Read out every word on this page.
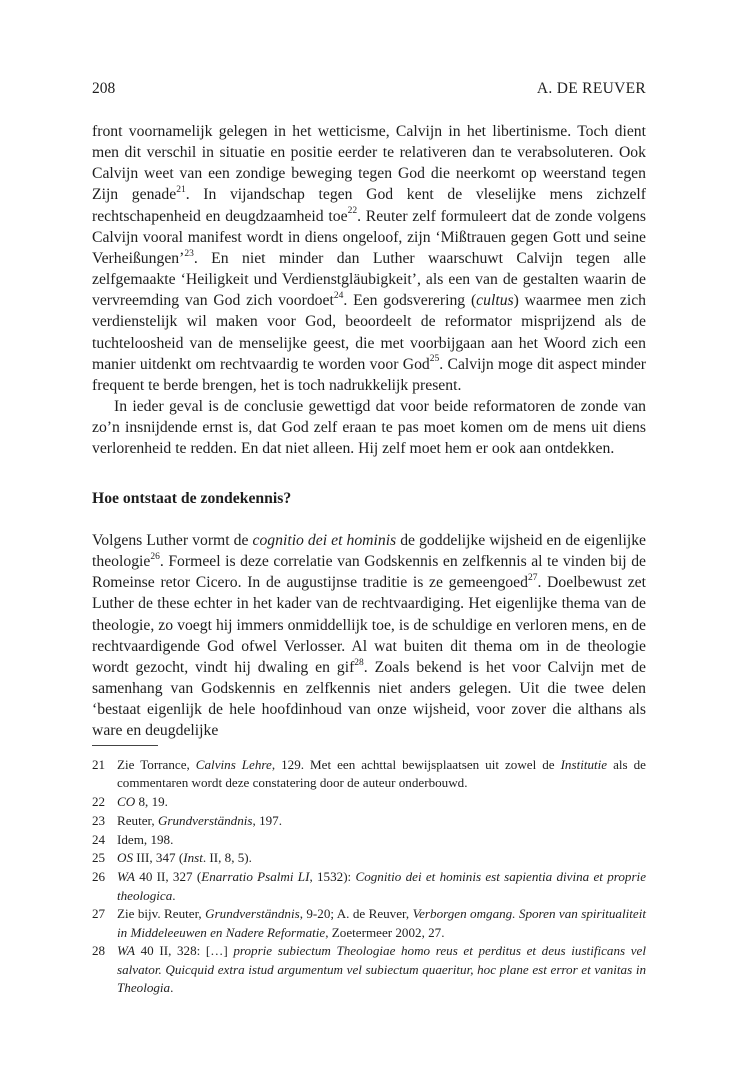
208	A. DE REUVER

front voornamelijk gelegen in het wetticisme, Calvijn in het libertinisme. Toch dient men dit verschil in situatie en positie eerder te relativeren dan te verabsoluteren. Ook Calvijn weet van een zondige beweging tegen God die neerkomt op weerstand tegen Zijn genade$^{21}$. In vijandschap tegen God kent de vleselijke mens zichzelf rechtschapenheid en deugdzaamheid toe$^{22}$. Reuter zelf formuleert dat de zonde volgens Calvijn vooral manifest wordt in diens ongeloof, zijn ‘Mißtrauen gegen Gott und seine Verheißungen’$^{23}$. En niet minder dan Luther waarschuwt Calvijn tegen alle zelfgemaakte ‘Heiligkeit und Verdienstgläubigkeit’, als een van de gestalten waarin de vervreemding van God zich voordoet$^{24}$. Een godsverering (cultus) waarmee men zich verdienstelijk wil maken voor God, beoordeelt de reformator misprijzend als de tuchteloosheid van de menselijke geest, die met voorbijgaan aan het Woord zich een manier uitdenkt om rechtvaardig te worden voor God$^{25}$. Calvijn moge dit aspect minder frequent te berde brengen, het is toch nadrukkelijk present.

In ieder geval is de conclusie gewettigd dat voor beide reformatoren de zonde van zo’n insnijdende ernst is, dat God zelf eraan te pas moet komen om de mens uit diens verlorenheid te redden. En dat niet alleen. Hij zelf moet hem er ook aan ontdekken.

Hoe ontstaat de zondekennis?

Volgens Luther vormt de cognitio dei et hominis de goddelijke wijsheid en de eigenlijke theologie$^{26}$. Formeel is deze correlatie van Godskennis en zelfkennis al te vinden bij de Romeinse retor Cicero. In de augustijnse traditie is ze gemeengoed$^{27}$. Doelbewust zet Luther de these echter in het kader van de rechtvaardiging. Het eigenlijke thema van de theologie, zo voegt hij immers onmiddellijk toe, is de schuldige en verloren mens, en de rechtvaardigende God ofwel Verlosser. Al wat buiten dit thema om in de theologie wordt gezocht, vindt hij dwaling en gif$^{28}$. Zoals bekend is het voor Calvijn met de samenhang van Godskennis en zelfkennis niet anders gelegen. Uit die twee delen ‘bestaat eigenlijk de hele hoofdinhoud van onze wijsheid, voor zover die althans als ware en deugdelijke

21 Zie Torrance, Calvins Lehre, 129. Met een achttal bewijsplaatsen uit zowel de Institutie als de commentaren wordt deze constatering door de auteur onderbouwd.

22 CO 8, 19.

23 Reuter, Grundverständnis, 197.

24 Idem, 198.

25 OS III, 347 (Inst. II, 8, 5).

26 WA 40 II, 327 (Enarratio Psalmi LI, 1532): Cognitio dei et hominis est sapientia divina et proprie theologica.

27 Zie bijv. Reuter, Grundverständnis, 9-20; A. de Reuver, Verborgen omgang. Sporen van spiritualiteit in Middeleeuwen en Nadere Reformatie, Zoetermeer 2002, 27.

28 WA 40 II, 328: […] proprie subiectum Theologiae homo reus et perditus et deus iustificans vel salvator. Quicquid extra istud argumentum vel subiectum quaeritur, hoc plane est error et vanitas in Theologia.
